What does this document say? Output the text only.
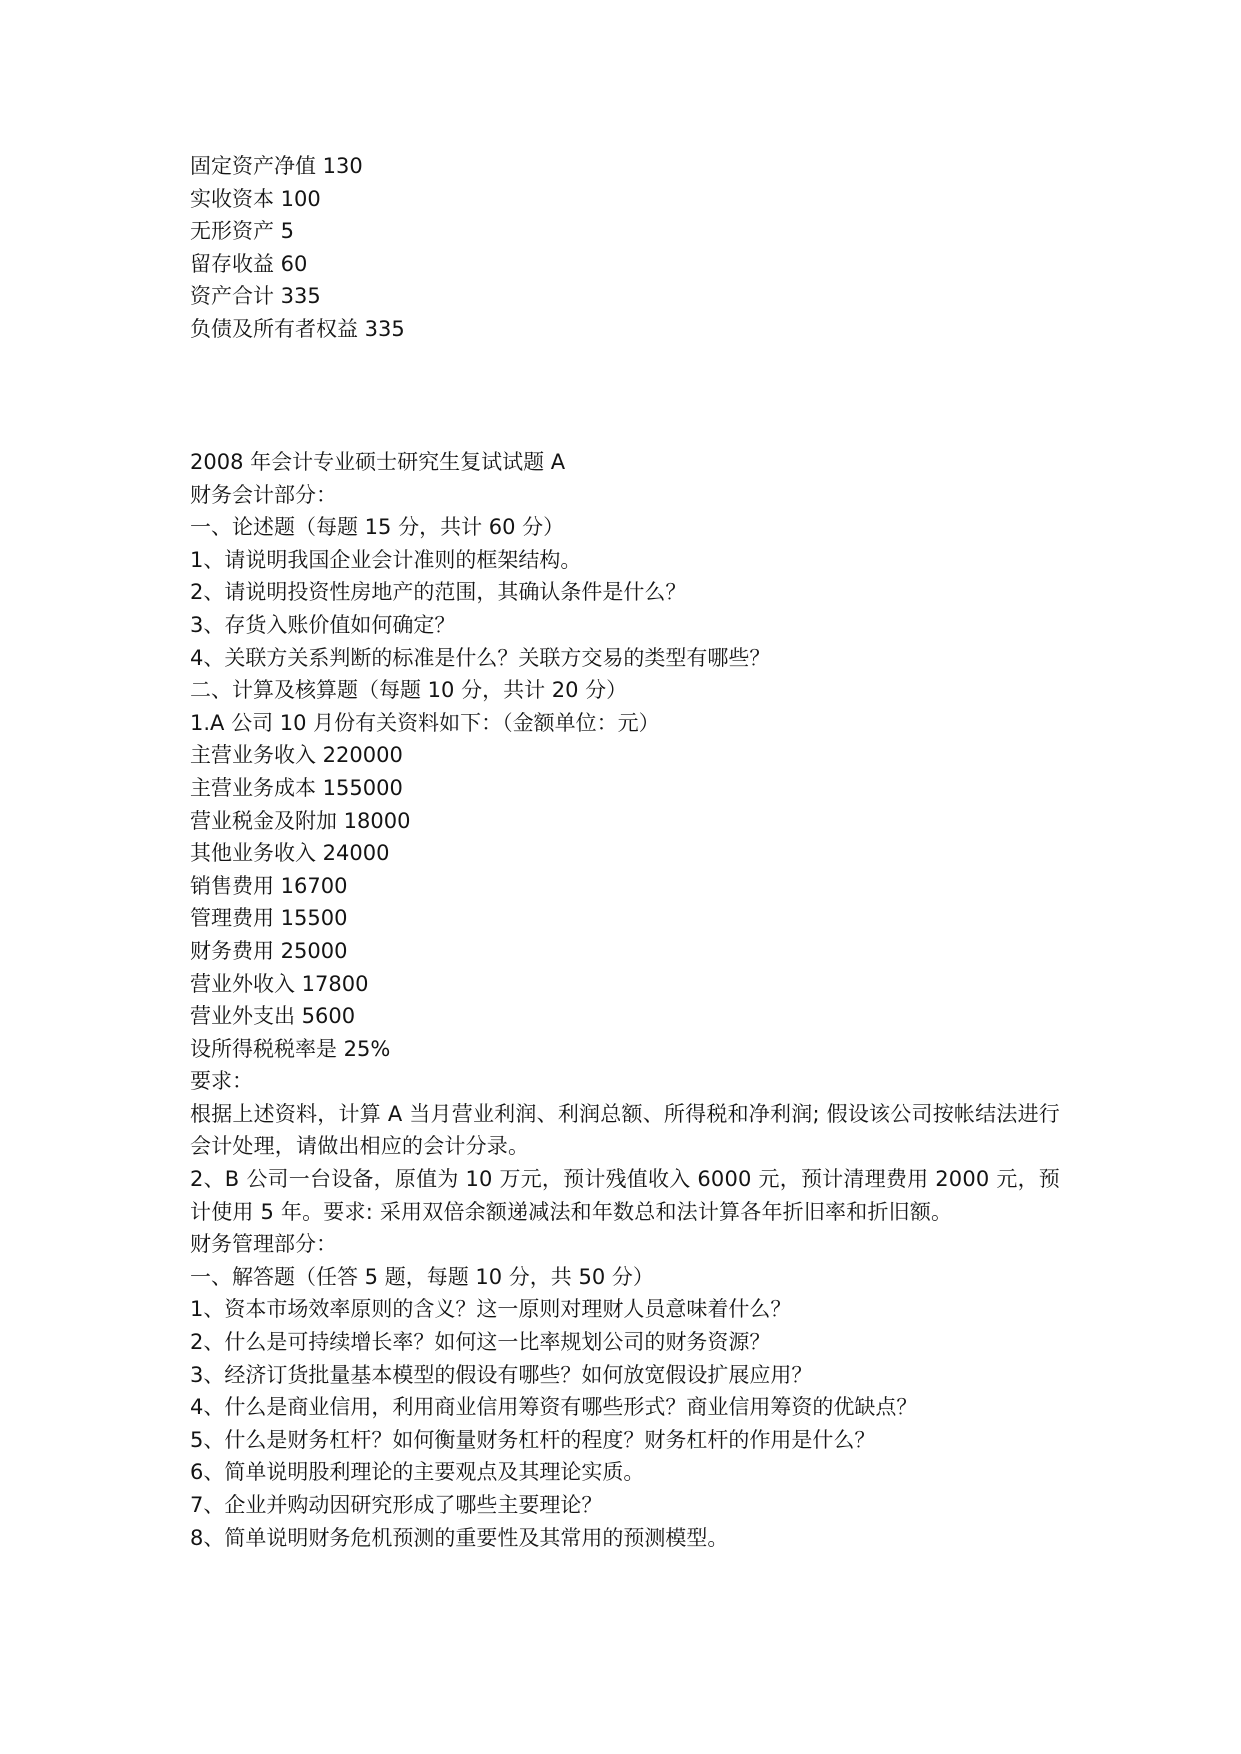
固定资产净值 130

实收资本 100

无形资产 5

留存收益 60

资产合计 335

负债及所有者权益 335

2008 年会计专业硕士研究生复试试题 A

财务会计部分：

一、论述题（每题 15 分，共计 60 分）

1、请说明我国企业会计准则的框架结构。

2、请说明投资性房地产的范围，其确认条件是什么？

3、存货入账价值如何确定？

4、关联方关系判断的标准是什么？关联方交易的类型有哪些？

二、计算及核算题（每题 10 分，共计 20 分）

1.A 公司 10 月份有关资料如下：（金额单位：元）

主营业务收入 220000

主营业务成本 155000

营业税金及附加 18000

其他业务收入 24000

销售费用 16700

管理费用 15500

财务费用 25000

营业外收入 17800

营业外支出 5600

设所得税税率是 25%

要求：

根据上述资料，计算 A 当月营业利润、利润总额、所得税和净利润; 假设该公司按帐结法进行会计处理，请做出相应的会计分录。

2、B 公司一台设备，原值为 10 万元，预计残值收入 6000 元，预计清理费用 2000 元，预计使用 5 年。要求: 采用双倍余额递减法和年数总和法计算各年折旧率和折旧额。

财务管理部分：

一、解答题（任答 5 题，每题 10 分，共 50 分）

1、资本市场效率原则的含义？这一原则对理财人员意味着什么？

2、什么是可持续增长率？如何这一比率规划公司的财务资源？

3、经济订货批量基本模型的假设有哪些？如何放宽假设扩展应用？

4、什么是商业信用，利用商业信用筹资有哪些形式？商业信用筹资的优缺点？

5、什么是财务杠杆？如何衡量财务杠杆的程度？财务杠杆的作用是什么？

6、简单说明股利理论的主要观点及其理论实质。

7、企业并购动因研究形成了哪些主要理论？

8、简单说明财务危机预测的重要性及其常用的预测模型。
